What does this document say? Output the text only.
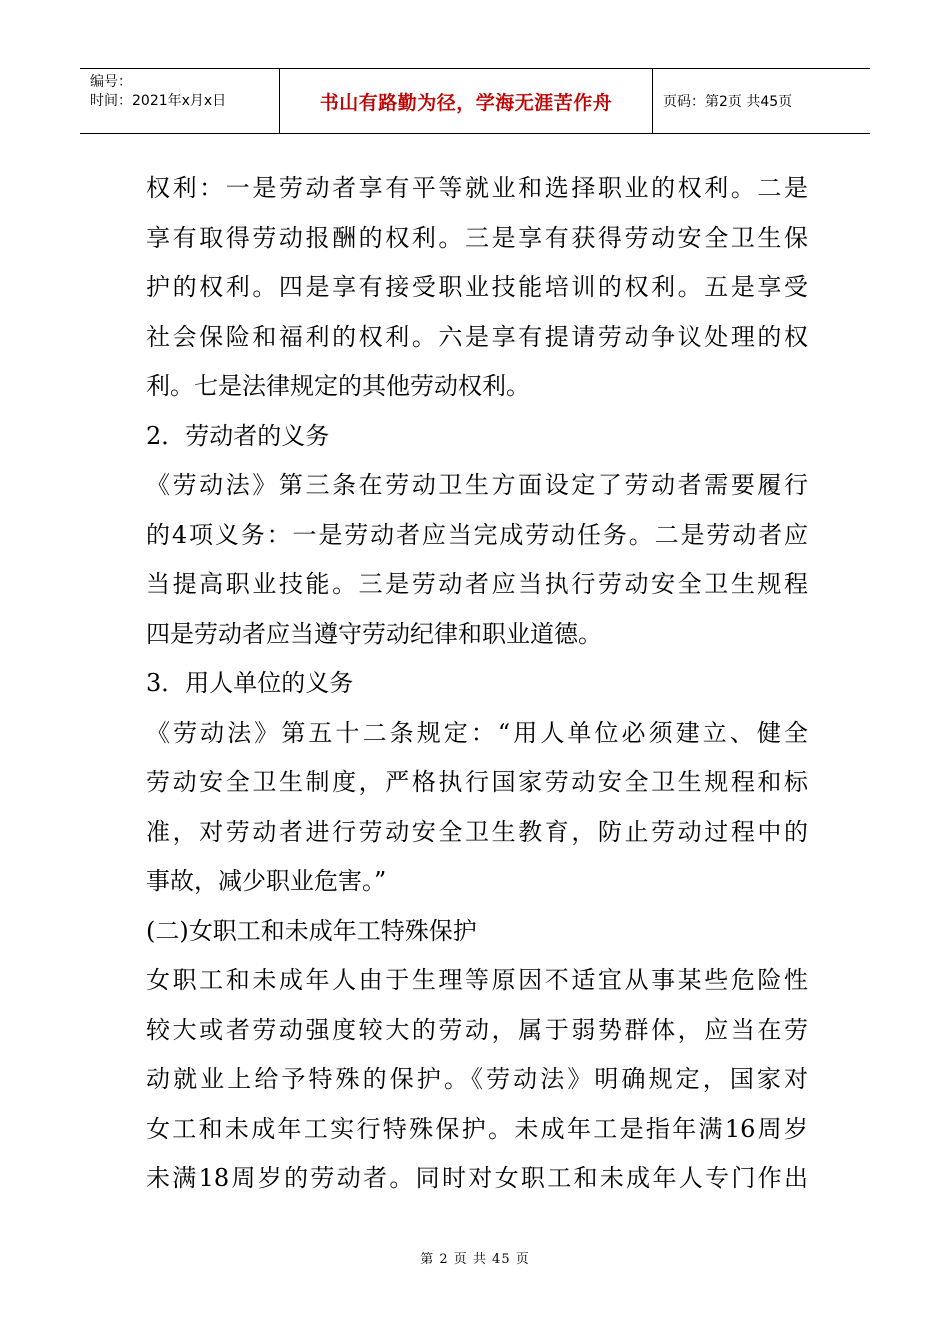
编号：
时间：2021年x月x日	书山有路勤为径，学海无涯苦作舟	页码：第2页 共45页
权利：一是劳动者享有平等就业和选择职业的权利。二是
享有取得劳动报酬的权利。三是享有获得劳动安全卫生保
护的权利。四是享有接受职业技能培训的权利。五是享受
社会保险和福利的权利。六是享有提请劳动争议处理的权
利。七是法律规定的其他劳动权利。
2．劳动者的义务
《劳动法》第三条在劳动卫生方面设定了劳动者需要履行
的4项义务：一是劳动者应当完成劳动任务。二是劳动者应
当提高职业技能。三是劳动者应当执行劳动安全卫生规程
四是劳动者应当遵守劳动纪律和职业道德。
3．用人单位的义务
《劳动法》第五十二条规定：“用人单位必须建立、健全
劳动安全卫生制度，严格执行国家劳动安全卫生规程和标
准，对劳动者进行劳动安全卫生教育，防止劳动过程中的
事故，减少职业危害。”
(二)女职工和未成年工特殊保护
女职工和未成年人由于生理等原因不适宜从事某些危险性
较大或者劳动强度较大的劳动，属于弱势群体，应当在劳
动就业上给予特殊的保护。《劳动法》明确规定，国家对
女工和未成年工实行特殊保护。未成年工是指年满16周岁
未满18周岁的劳动者。同时对女职工和未成年人专门作出
第 2 页 共 45 页
